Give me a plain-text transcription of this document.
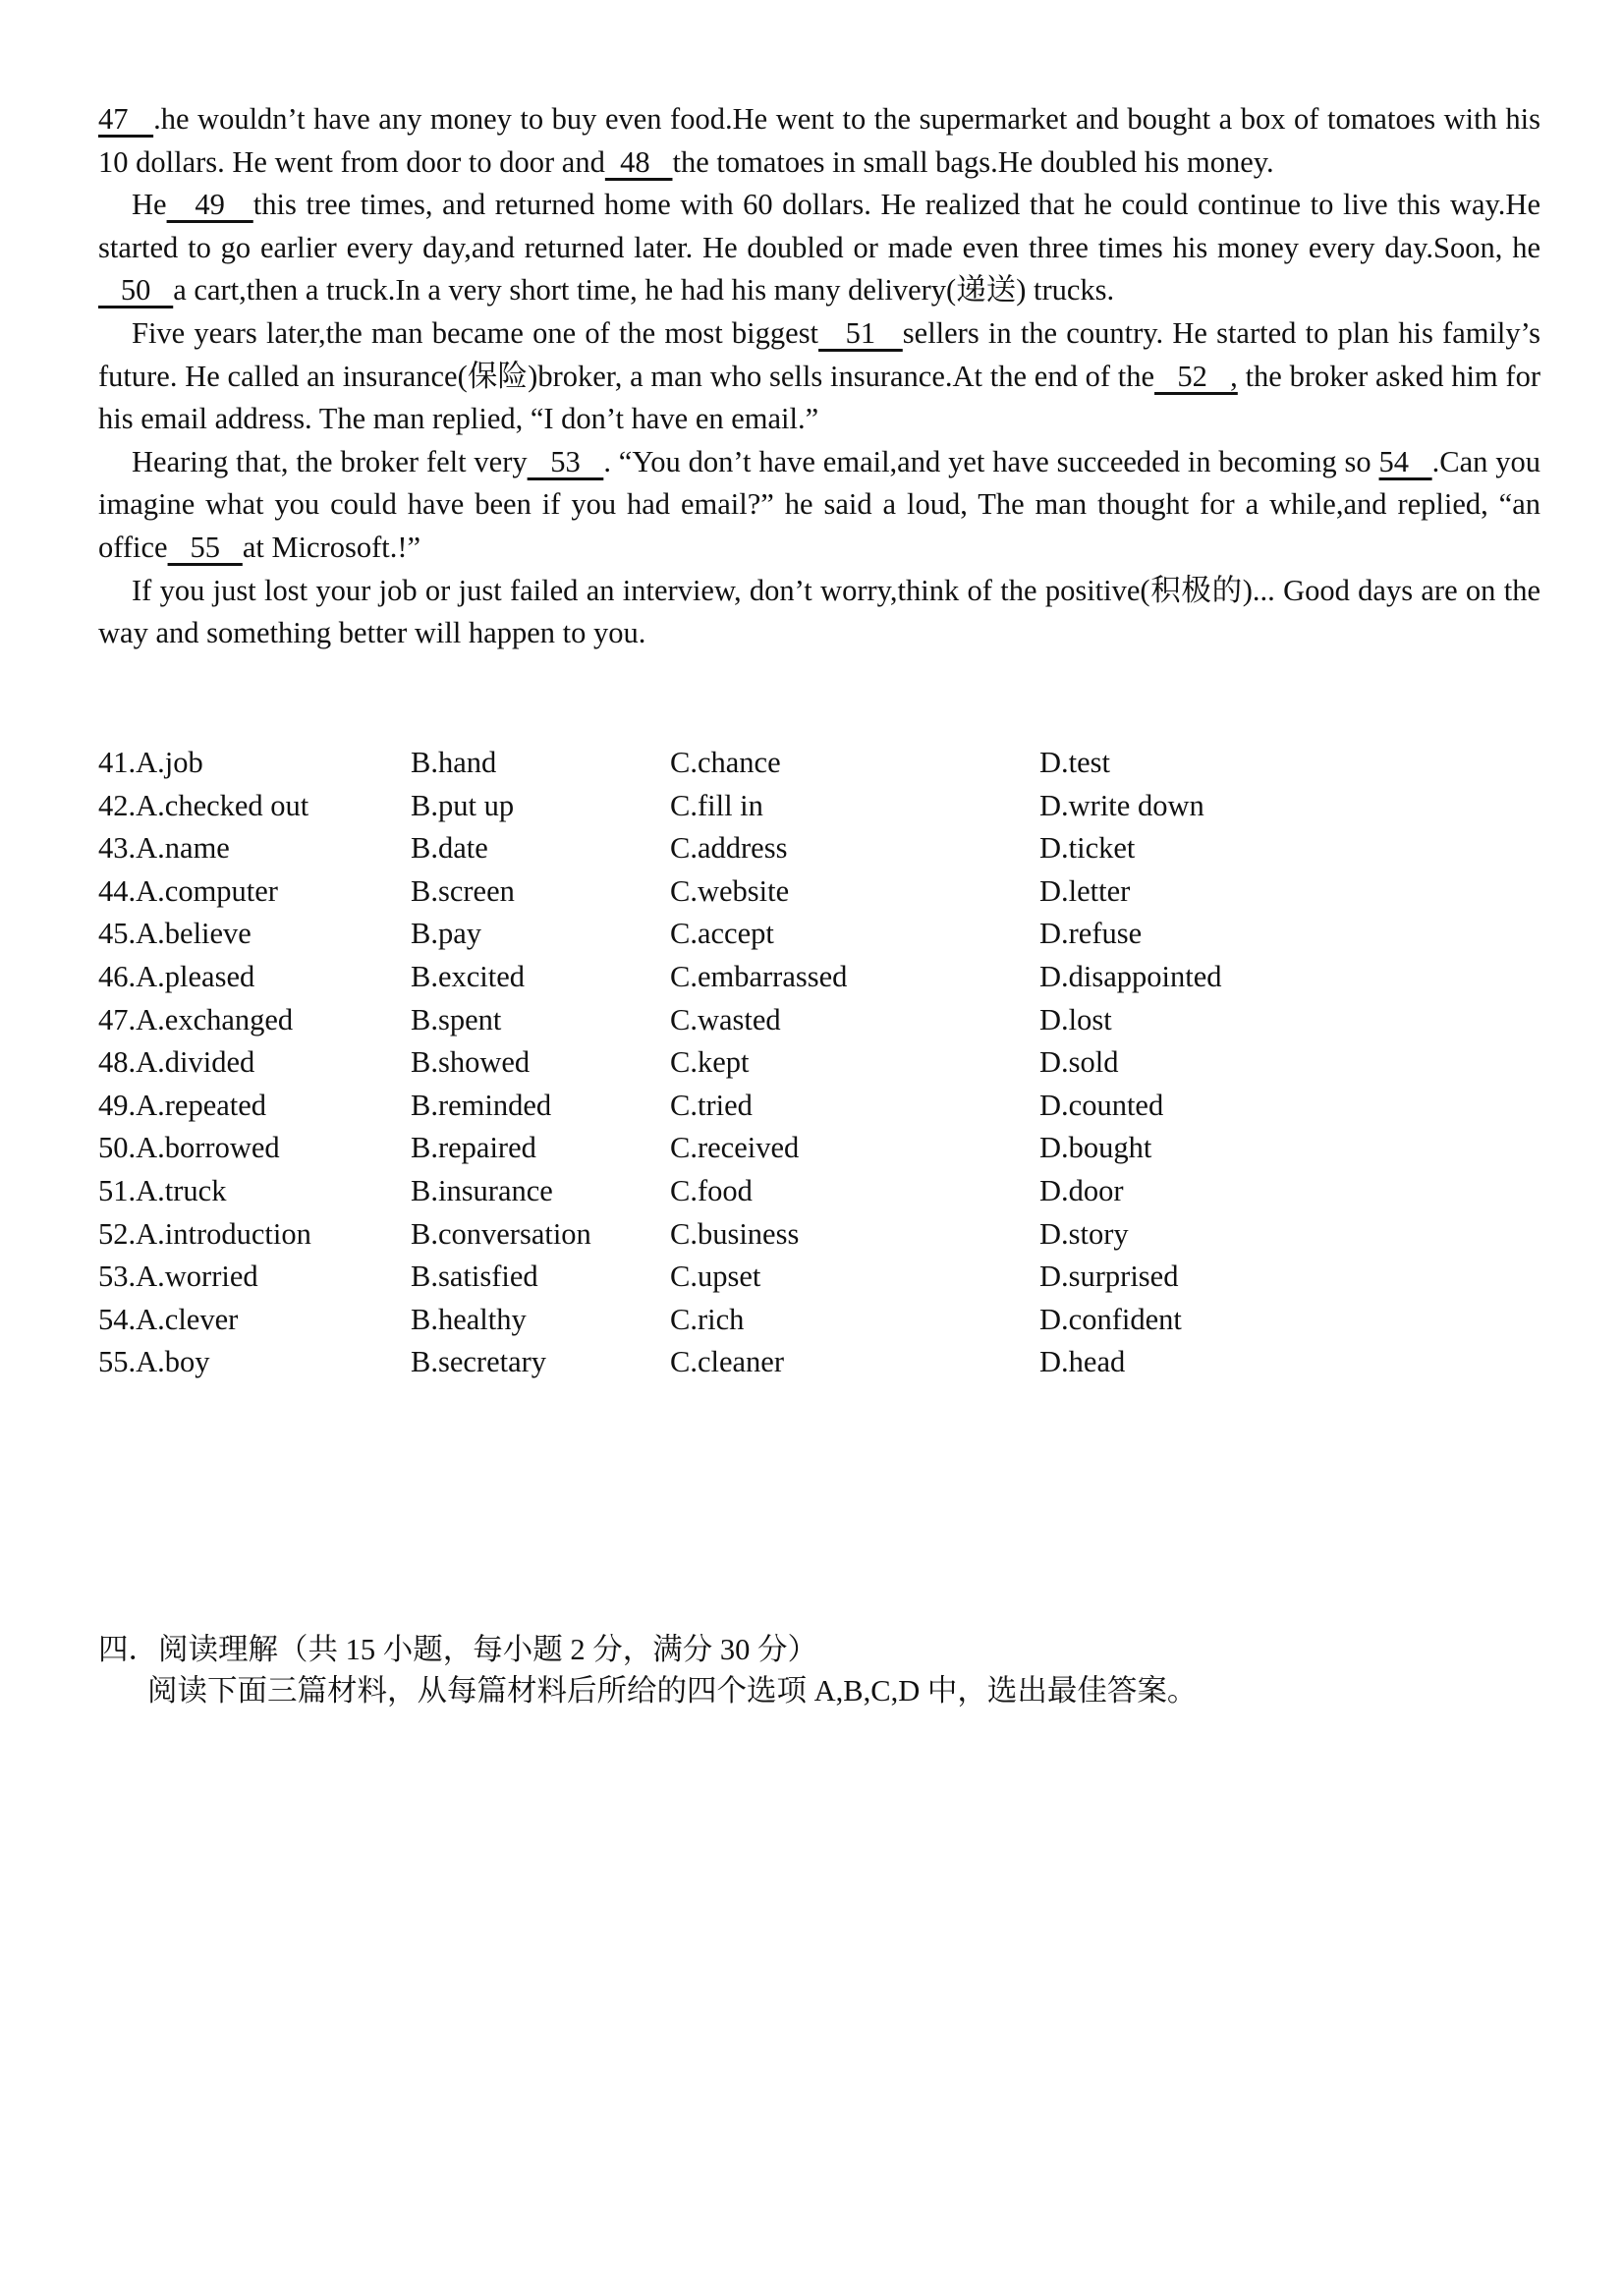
47   .he wouldn’t have any money to buy even food.He went to the supermarket and bought a box of tomatoes with his 10 dollars. He went from door to door and  48   the tomatoes in small bags.He doubled his money.

He   49   this tree times, and returned home with 60 dollars. He realized that he could continue to live this way.He started to go earlier every day,and returned later. He doubled or made even three times his money every day.Soon, he   50   a cart,then a truck.In a very short time, he had his many delivery(递送) trucks.

Five years later,the man became one of the most biggest   51   sellers in the country. He started to plan his family’s future. He called an insurance(保险)broker, a man who sells insurance.At the end of the   52   , the broker asked him for his email address. The man replied, “I don’t have en email.”

Hearing that, the broker felt very   53   . “You don’t have email,and yet have succeeded in becoming so 54   .Can you imagine what you could have been if you had email?” he said a loud, The man thought for a while,and replied, “an office   55   at Microsoft.!”

If you just lost your job or just failed an interview, don’t worry,think of the positive(积极的)... Good days are on the way and something better will happen to you.

41.A.job	B.hand	C.chance	D.test
42.A.checked out	B.put up	C.fill in	D.write down
43.A.name	B.date	C.address	D.ticket
44.A.computer	B.screen	C.website	D.letter
45.A.believe	B.pay	C.accept	D.refuse
46.A.pleased	B.excited	C.embarrassed	D.disappointed
47.A.exchanged	B.spent	C.wasted	D.lost
48.A.divided	B.showed	C.kept	D.sold
49.A.repeated	B.reminded	C.tried	D.counted
50.A.borrowed	B.repaired	C.received	D.bought
51.A.truck	B.insurance	C.food	D.door
52.A.introduction	B.conversation	C.business	D.story
53.A.worried	B.satisfied	C.upset	D.surprised
54.A.clever	B.healthy	C.rich	D.confident
55.A.boy	B.secretary	C.cleaner	D.head
四．阅读理解（共 15 小题，每小题 2 分，满分 30 分）
阅读下面三篇材料，从每篇材料后所给的四个选项 A,B,C,D 中，选出最佳答案。
